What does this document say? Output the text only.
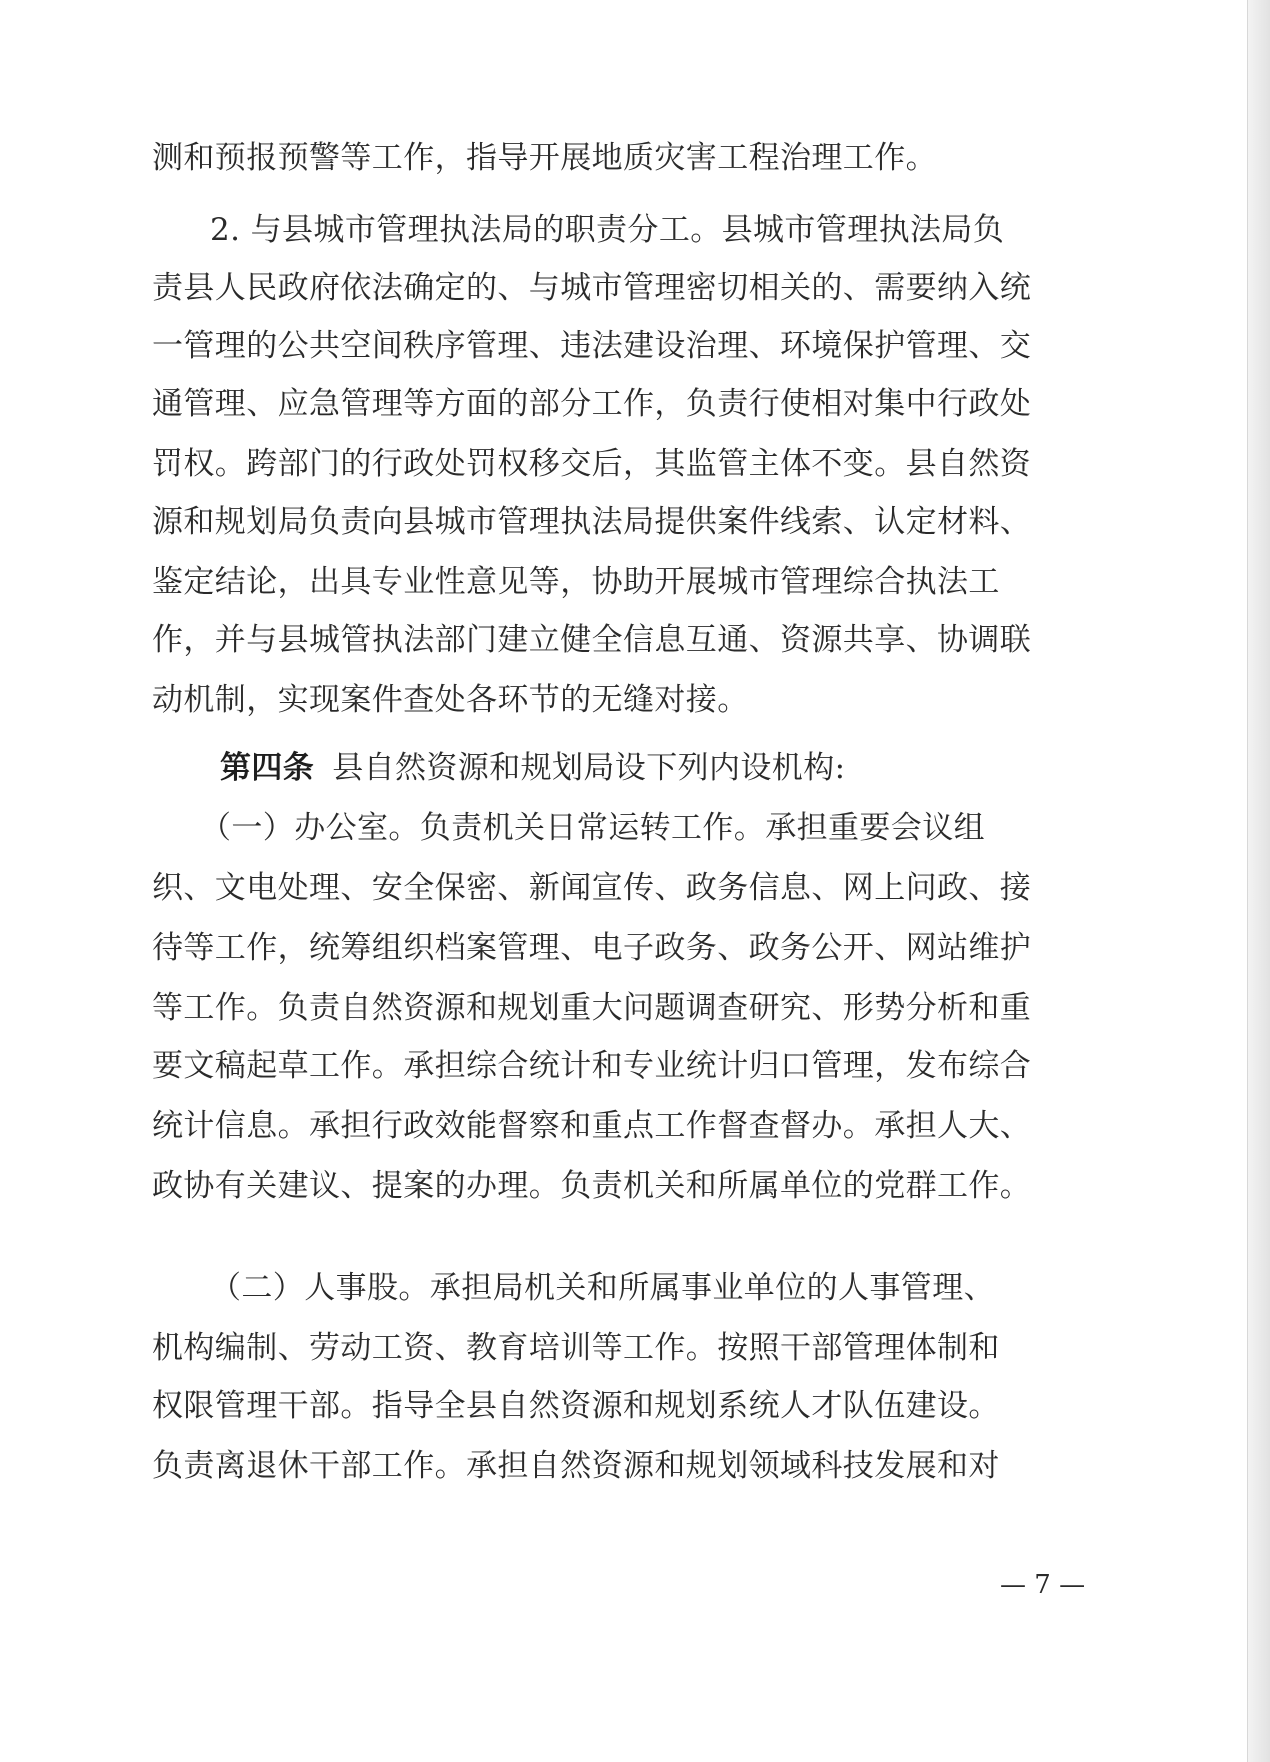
测和预报预警等工作，指导开展地质灾害工程治理工作。

2. 与县城市管理执法局的职责分工。县城市管理执法局负

责县人民政府依法确定的、与城市管理密切相关的、需要纳入统

一管理的公共空间秩序管理、违法建设治理、环境保护管理、交

通管理、应急管理等方面的部分工作，负责行使相对集中行政处

罚权。跨部门的行政处罚权移交后，其监管主体不变。县自然资

源和规划局负责向县城市管理执法局提供案件线索、认定材料、

鉴定结论，出具专业性意见等，协助开展城市管理综合执法工

作，并与县城管执法部门建立健全信息互通、资源共享、协调联

动机制，实现案件查处各环节的无缝对接。

第四条 县自然资源和规划局设下列内设机构:

（一）办公室。负责机关日常运转工作。承担重要会议组

织、文电处理、安全保密、新闻宣传、政务信息、网上问政、接

待等工作，统筹组织档案管理、电子政务、政务公开、网站维护

等工作。负责自然资源和规划重大问题调查研究、形势分析和重

要文稿起草工作。承担综合统计和专业统计归口管理，发布综合

统计信息。承担行政效能督察和重点工作督查督办。承担人大、

政协有关建议、提案的办理。负责机关和所属单位的党群工作。

（二）人事股。承担局机关和所属事业单位的人事管理、

机构编制、劳动工资、教育培训等工作。按照干部管理体制和

权限管理干部。指导全县自然资源和规划系统人才队伍建设。

负责离退休干部工作。承担自然资源和规划领域科技发展和对

— 7 —
